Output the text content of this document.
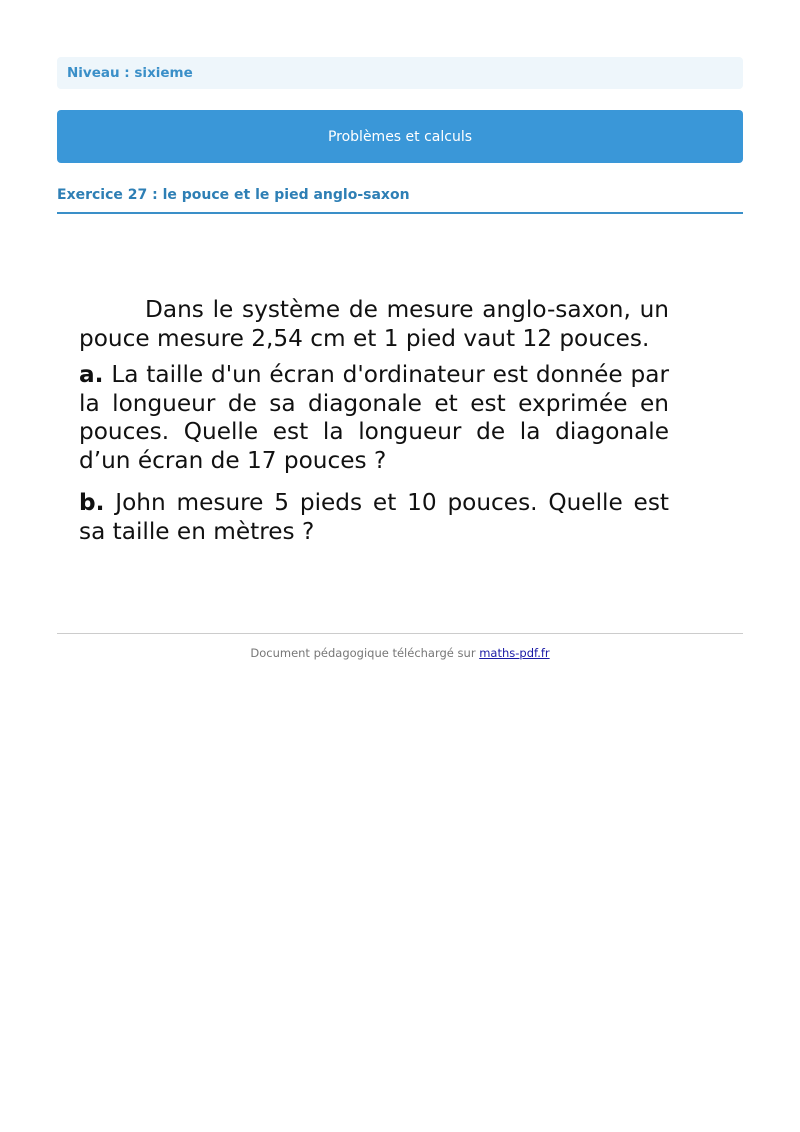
Niveau : sixieme
Problèmes et calculs
Exercice 27 : le pouce et le pied anglo-saxon

Dans le système de mesure anglo-saxon, un pouce mesure 2,54 cm et 1 pied vaut 12 pouces.

a. La taille d'un écran d'ordinateur est donnée par la longueur de sa diagonale et est exprimée en pouces. Quelle est la longueur de la diagonale d’un écran de 17 pouces ?

b. John mesure 5 pieds et 10 pouces. Quelle est sa taille en mètres ?

Document pédagogique téléchargé sur maths-pdf.fr
